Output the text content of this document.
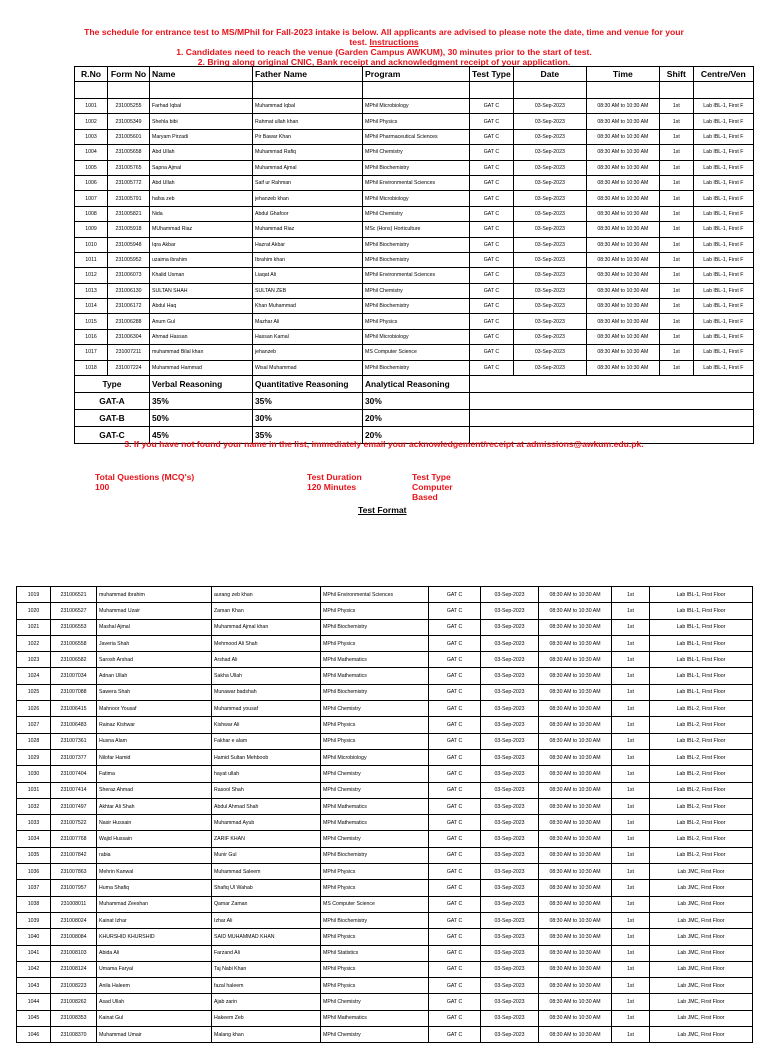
The schedule for entrance test to MS/MPhil for Fall-2023 intake is below. All applicants are advised to please note the date, time and venue for your
test. Instructions
1. Candidates need to reach the venue (Garden Campus AWKUM), 30 minutes prior to the start of test.
2. Bring along original CNIC, Bank receipt and acknowledgment receipt of your application.
R.No	Form No	Name	Father Name	Program	Test Type	Date	Time	Shift	Centre/Ven

1001	231005255	Farhad Iqbal	Muhammad Iqbal	MPhil Microbiology	GAT C	03-Sep-2023	08:30 AM to 10:30 AM	1st	Lab IBL-1, First F
1002	231005349	Shehla bibi	Rahmat ullah khan	MPhil Physics	GAT C	03-Sep-2023	08:30 AM to 10:30 AM	1st	Lab IBL-1, First F
1003	231005601	Maryam Pirzadi	Pir Bawar Khan	MPhil Pharmaceutical Sciences	GAT C	03-Sep-2023	08:30 AM to 10:30 AM	1st	Lab IBL-1, First F
1004	231005658	Abd Ullah	Muhammad Rafiq	MPhil Chemistry	GAT C	03-Sep-2023	08:30 AM to 10:30 AM	1st	Lab IBL-1, First F
1005	231005765	Sapna Ajmal	Muhammad Ajmal	MPhil Biochemistry	GAT C	03-Sep-2023	08:30 AM to 10:30 AM	1st	Lab IBL-1, First F
1006	231005772	Abd Ullah	Saif ur Rahman	MPhil Environmental Sciences	GAT C	03-Sep-2023	08:30 AM to 10:30 AM	1st	Lab IBL-1, First F
1007	231005791	hafsa zeb	jehanzeb khan	MPhil Microbiology	GAT C	03-Sep-2023	08:30 AM to 10:30 AM	1st	Lab IBL-1, First F
1008	231005821	Nida	Abdul Ghafoor	MPhil Chemistry	GAT C	03-Sep-2023	08:30 AM to 10:30 AM	1st	Lab IBL-1, First F
1009	231005918	MUhammad Riaz	Muhammad Riaz	MSc (Hons) Horticulture	GAT C	03-Sep-2023	08:30 AM to 10:30 AM	1st	Lab IBL-1, First F
1010	231005948	Iqra Akbar	Hazrat Akbar	MPhil Biochemistry	GAT C	03-Sep-2023	08:30 AM to 10:30 AM	1st	Lab IBL-1, First F
1011	231005952	uzaima ibrahim	Ibrahim khan	MPhil Biochemistry	GAT C	03-Sep-2023	08:30 AM to 10:30 AM	1st	Lab IBL-1, First F
1012	231006073	Khalid Usman	Liaqat Ali	MPhil Environmental Sciences	GAT C	03-Sep-2023	08:30 AM to 10:30 AM	1st	Lab IBL-1, First F
1013	231006130	SULTAN SHAH	SULTAN ZEB	MPhil Chemistry	GAT C	03-Sep-2023	08:30 AM to 10:30 AM	1st	Lab IBL-1, First F
1014	231006172	Abdul Haq	Khan Muhammad	MPhil Biochemistry	GAT C	03-Sep-2023	08:30 AM to 10:30 AM	1st	Lab IBL-1, First F
1015	231006288	Anum Gul	Mazhar Ali	MPhil Physics	GAT C	03-Sep-2023	08:30 AM to 10:30 AM	1st	Lab IBL-1, First F
1016	231006304	Ahmad Hassan	Hassan Kamal	MPhil Microbiology	GAT C	03-Sep-2023	08:30 AM to 10:30 AM	1st	Lab IBL-1, First F
1017	231007211	muhammad Bilal khan	jehanzeb	MS Computer Science	GAT C	03-Sep-2023	08:30 AM to 10:30 AM	1st	Lab IBL-1, First F
1018	231007224	Muhammad Hammad	Wisal Muhammad	MPhil Biochemistry	GAT C	03-Sep-2023	08:30 AM to 10:30 AM	1st	Lab IBL-1, First F
Type		Verbal Reasoning	Quantitative Reasoning	Analytical Reasoning					
GAT-A		35%	35%	30%					
GAT-B		50%	30%	20%					
GAT-C		45%	35%	20%					
3. If you have not found your name in the list, immediately email your acknowledgement/receipt at admissions@awkum.edu.pk.
Total Questions (MCQ's)
100
Test Duration
120 Minutes
Test Type
Computer
Based
Test Format
1019	231006521	muhammad ibrahim	aurang zeb khan	MPhil Environmental Sciences	GAT C	03-Sep-2023	08:30 AM to 10:30 AM	1st	Lab IBL-1, First Floor
1020	231006527	Muhammad Uzair	Zaman Khan	MPhil Physics	GAT C	03-Sep-2023	08:30 AM to 10:30 AM	1st	Lab IBL-1, First Floor
1021	231006553	Mashal Ajmal	Muhammad Ajmal khan	MPhil Biochemistry	GAT C	03-Sep-2023	08:30 AM to 10:30 AM	1st	Lab IBL-1, First Floor
1022	231006558	Javeria Shah	Mehmood Ali Shah	MPhil Physics	GAT C	03-Sep-2023	08:30 AM to 10:30 AM	1st	Lab IBL-1, First Floor
1023	231006582	Sarosh Arshad	Arshad Ali	MPhil Mathematics	GAT C	03-Sep-2023	08:30 AM to 10:30 AM	1st	Lab IBL-1, First Floor
1024	231007034	Adnan Ullah	Sakha Ullah	MPhil Mathematics	GAT C	03-Sep-2023	08:30 AM to 10:30 AM	1st	Lab IBL-1, First Floor
1025	231007088	Sawera Shah	Munawar badshah	MPhil Biochemistry	GAT C	03-Sep-2023	08:30 AM to 10:30 AM	1st	Lab IBL-1, First Floor
1026	231006415	Mahnoor Yousaf	Muhammad yousaf	MPhil Chemistry	GAT C	03-Sep-2023	08:30 AM to 10:30 AM	1st	Lab IBL-2, First Floor
1027	231006483	Rainaz Kishwar	Kishwar Ali	MPhil Physics	GAT C	03-Sep-2023	08:30 AM to 10:30 AM	1st	Lab IBL-2, First Floor
1028	231007361	Husna Alam	Fakhar e alam	MPhil Physics	GAT C	03-Sep-2023	08:30 AM to 10:30 AM	1st	Lab IBL-2, First Floor
1029	231007377	Nilofar Hamid	Hamid Sultan Mehboob	MPhil Microbiology	GAT C	03-Sep-2023	08:30 AM to 10:30 AM	1st	Lab IBL-2, First Floor
1030	231007404	Fatima	hayat ullah	MPhil Chemistry	GAT C	03-Sep-2023	08:30 AM to 10:30 AM	1st	Lab IBL-2, First Floor
1031	231007414	Sheraz Ahmad	Rasool Shah	MPhil Chemistry	GAT C	03-Sep-2023	08:30 AM to 10:30 AM	1st	Lab IBL-2, First Floor
1032	231007497	Akhtar Ali Shah	Abdul Ahmad Shah	MPhil Mathematics	GAT C	03-Sep-2023	08:30 AM to 10:30 AM	1st	Lab IBL-2, First Floor
1033	231007522	Nasir Hussain	Muhammad Ayub	MPhil Mathematics	GAT C	03-Sep-2023	08:30 AM to 10:30 AM	1st	Lab IBL-2, First Floor
1034	231007768	Wajid Hussain	ZARIF KHAN	MPhil Chemistry	GAT C	03-Sep-2023	08:30 AM to 10:30 AM	1st	Lab IBL-2, First Floor
1035	231007842	rabia	Munir Gul	MPhil Biochemistry	GAT C	03-Sep-2023	08:30 AM to 10:30 AM	1st	Lab IBL-2, First Floor
1036	231007863	Mehrin Kanwal	Muhammad Saleem	MPhil Physics	GAT C	03-Sep-2023	08:30 AM to 10:30 AM	1st	Lab JMC, First Floor
1037	231007957	Huma Shafiq	Shafiq Ul Wahab	MPhil Physics	GAT C	03-Sep-2023	08:30 AM to 10:30 AM	1st	Lab JMC, First Floor
1038	231008011	Muhammad Zeeshan	Qamar Zaman	MS Computer Science	GAT C	03-Sep-2023	08:30 AM to 10:30 AM	1st	Lab JMC, First Floor
1039	231008024	Kainat Izhar	Izhar Ali	MPhil Biochemistry	GAT C	03-Sep-2023	08:30 AM to 10:30 AM	1st	Lab JMC, First Floor
1040	231008084	KHURSHID KHURSHID	SAID MUHAMMAD KHAN	MPhil Physics	GAT C	03-Sep-2023	08:30 AM to 10:30 AM	1st	Lab JMC, First Floor
1041	231008103	Abida Ali	Farzand Ali	MPhil Statistics	GAT C	03-Sep-2023	08:30 AM to 10:30 AM	1st	Lab JMC, First Floor
1042	231008124	Umama Faryal	Taj Nabi Khan	MPhil Physics	GAT C	03-Sep-2023	08:30 AM to 10:30 AM	1st	Lab JMC, First Floor
1043	231008223	Anila Haleem	fazal haleem	MPhil Physics	GAT C	03-Sep-2023	08:30 AM to 10:30 AM	1st	Lab JMC, First Floor
1044	231008262	Asad Ullah	Ajab zarin	MPhil Chemistry	GAT C	03-Sep-2023	08:30 AM to 10:30 AM	1st	Lab JMC, First Floor
1045	231008353	Kainat Gul	Hakeem Zeb	MPhil Mathematics	GAT C	03-Sep-2023	08:30 AM to 10:30 AM	1st	Lab JMC, First Floor
1046	231008370	Muhammad Umair	Malang khan	MPhil Chemistry	GAT C	03-Sep-2023	08:30 AM to 10:30 AM	1st	Lab JMC, First Floor
